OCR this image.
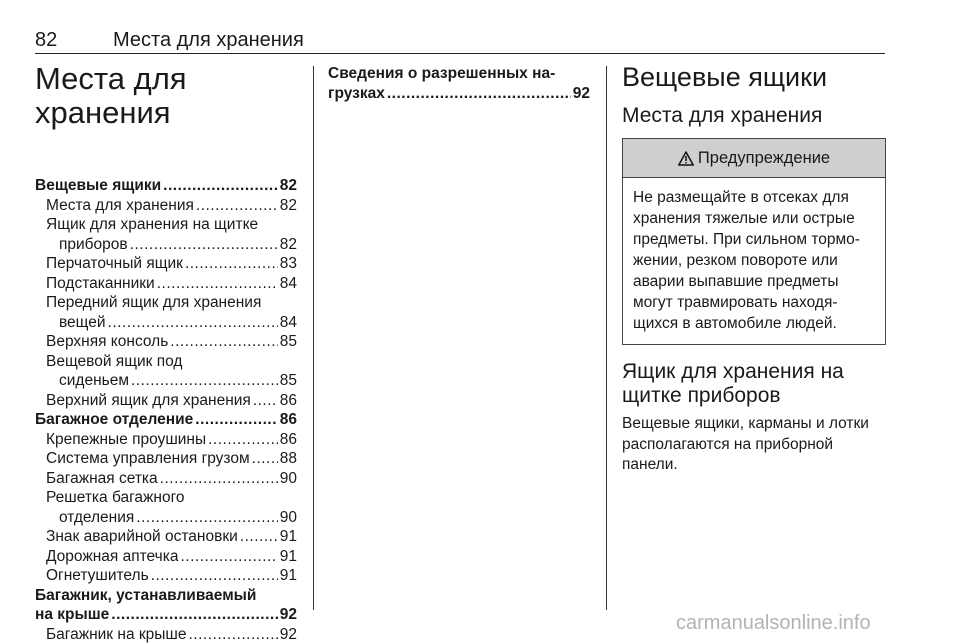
82	Места для хранения
Места для
хранения
Вещевые ящики .....	82
Места для хранения .....	82
Ящик для хранения на щитке
приборов .....	82
Перчаточный ящик .....	83
Подстаканники .....	84
Передний ящик для хранения
вещей .....	84
Верхняя консоль .....	85
Вещевой ящик под
сиденьем .....	85
Верхний ящик для хранения ..... 86
Багажное отделение .....	86
Крепежные проушины .....	86
Система управления грузом ..... 88
Багажная сетка .....	90
Решетка багажного
отделения .....	90
Знак аварийной остановки .....	91
Дорожная аптечка .....	91
Огнетушитель .....	91
Багажник, устанавливаемый
на крыше .....	92
Багажник на крыше .....	92
Сведения о разрешенных на-
грузках .....	92
Вещевые ящики
Места для хранения
Предупреждение
Не размещайте в отсеках для
хранения тяжелые или острые
предметы. При сильном тормо-
жении, резком повороте или
аварии выпавшие предметы
могут травмировать находя-
щихся в автомобиле людей.
Ящик для хранения на
щитке приборов
Вещевые ящики, карманы и лотки
располагаются на приборной
панели.
carmanualsonline.info
